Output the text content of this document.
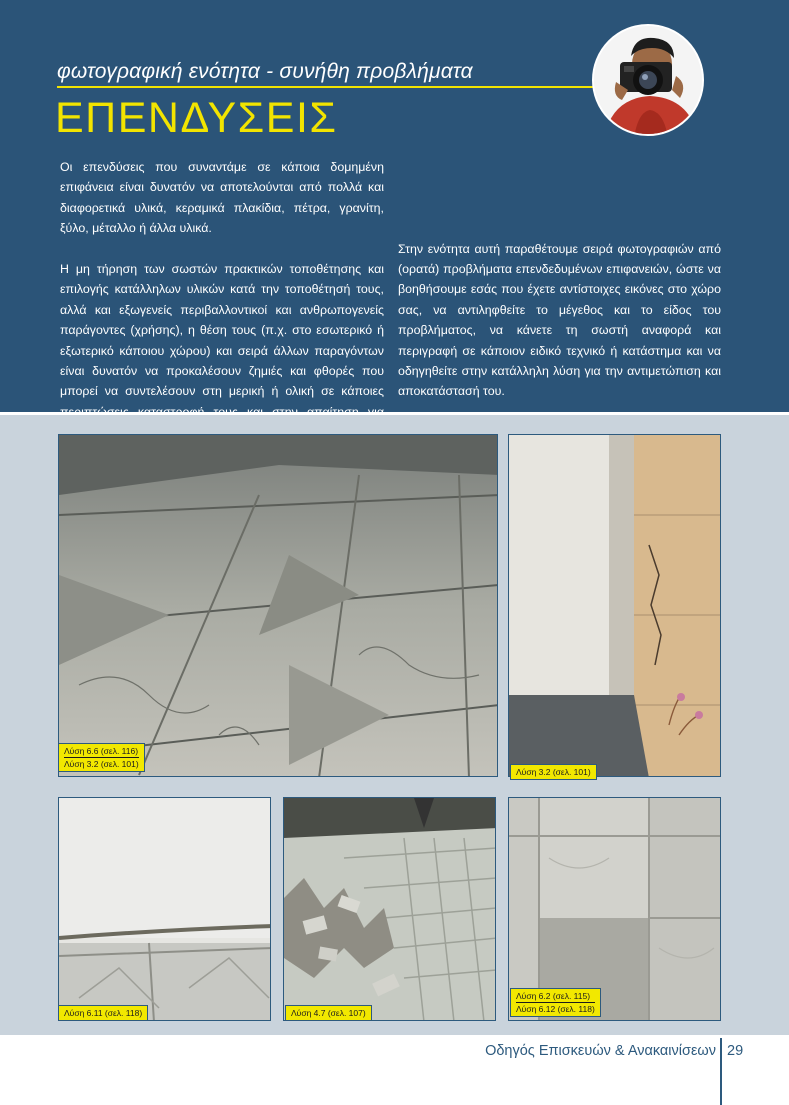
φωτογραφική ενότητα - συνήθη προβλήματα
ΕΠΕΝΔΥΣΕΙΣ

Οι επενδύσεις που συναντάμε σε κάποια δομημένη επιφάνεια είναι δυνατόν να αποτελούνται από πολλά και διαφορετικά υλικά, κεραμικά πλακίδια, πέτρα, γρανίτη, ξύλο, μέταλλο ή άλλα υλικά.

Η μη τήρηση των σωστών πρακτικών τοποθέτησης και επιλογής κατάλληλων υλικών κατά την τοποθέτησή τους, αλλά και εξωγενείς περιβαλλοντικοί και ανθρωπογενείς παράγοντες (χρήσης), η θέση τους (π.χ. στο εσωτερικό ή εξωτερικό κάποιου χώρου) και σειρά άλλων παραγόντων είναι δυνατόν να προκαλέσουν ζημιές και φθορές που μπορεί να συντελέσουν στη μερική ή ολική σε κάποιες

Στην ενότητα αυτή παραθέτουμε σειρά φωτογραφιών από (ορατά) προβλήματα επενδεδυμένων επιφανειών, ώστε να βοηθήσουμε εσάς που έχετε αντίστοιχες εικόνες στο χώρο σας, να αντιληφθείτε το μέγεθος και το είδος του προβλήματος, να κάνετε τη σωστή αναφορά και περιγραφή σε κάποιον ειδικό τεχνικό ή κατάστημα και να οδηγηθείτε στην κατάλληλη λύση για την αντιμετώπιση και αποκατάστασή του.

Λύση 6.6 (σελ. 116)
Λύση 3.2 (σελ. 101)
Λύση 3.2 (σελ. 101)
Λύση 6.11 (σελ. 118)	Λύση 4.7 (σελ. 107)
Λύση 6.2 (σελ. 115)
Λύση 6.12 (σελ. 118)
Οδηγός Επισκευών & Ανακαινίσεων 29
